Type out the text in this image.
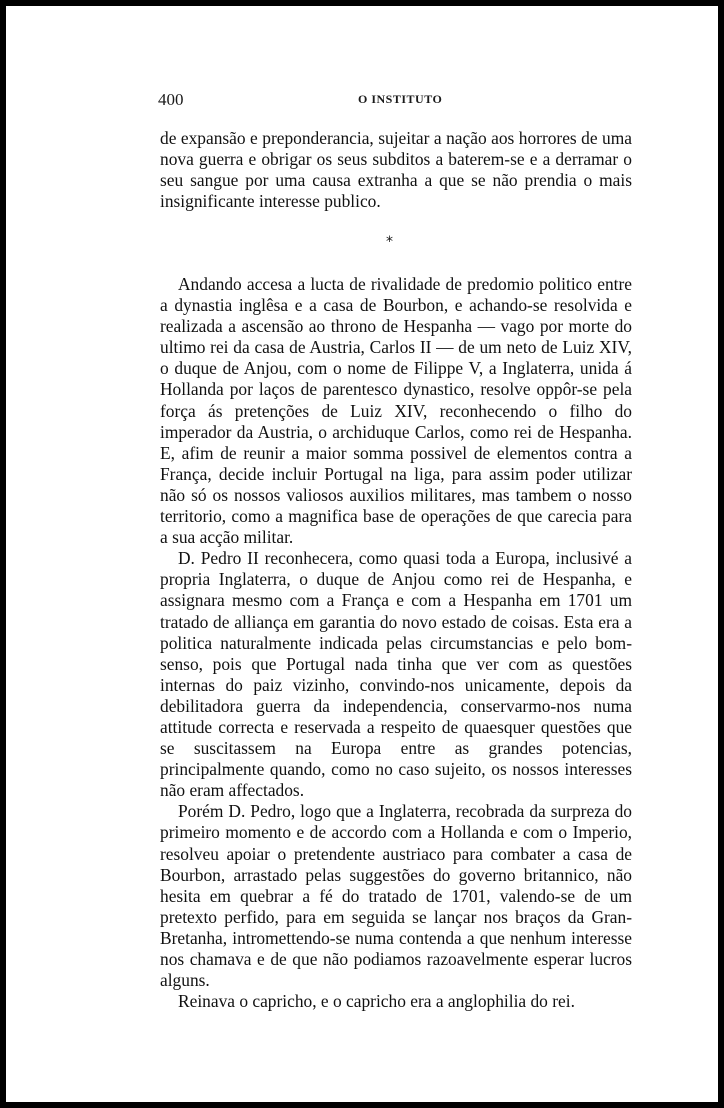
400	O INSTITUTO

de expansão e preponderancia, sujeitar a nação aos horrores de uma nova guerra e obrigar os seus subditos a baterem-se e a derramar o seu sangue por uma causa extranha a que se não prendia o mais insignificante interesse publico.

*

Andando accesa a lucta de rivalidade de predomio politico entre a dynastia inglêsa e a casa de Bourbon, e achando-se resolvida e realizada a ascensão ao throno de Hespanha — vago por morte do ultimo rei da casa de Austria, Carlos II — de um neto de Luiz XIV, o duque de Anjou, com o nome de Filippe V, a Inglaterra, unida á Hollanda por laços de parentesco dynastico, resolve oppôr-se pela força ás pretenções de Luiz XIV, reconhecendo o filho do imperador da Austria, o archiduque Carlos, como rei de Hespanha. E, afim de reunir a maior somma possivel de elementos contra a França, decide incluir Portugal na liga, para assim poder utilizar não só os nossos valiosos auxilios militares, mas tambem o nosso territorio, como a magnifica base de operações de que carecia para a sua acção militar.

D. Pedro II reconhecera, como quasi toda a Europa, inclusivé a propria Inglaterra, o duque de Anjou como rei de Hespanha, e assignara mesmo com a França e com a Hespanha em 1701 um tratado de alliança em garantia do novo estado de coisas. Esta era a politica naturalmente indicada pelas circumstancias e pelo bom-senso, pois que Portugal nada tinha que ver com as questões internas do paiz vizinho, convindo-nos unicamente, depois da debilitadora guerra da independencia, conservarmo-nos numa attitude correcta e reservada a respeito de quaesquer questões que se suscitassem na Europa entre as grandes potencias, principalmente quando, como no caso sujeito, os nossos interesses não eram affectados.

Porém D. Pedro, logo que a Inglaterra, recobrada da surpreza do primeiro momento e de accordo com a Hollanda e com o Imperio, resolveu apoiar o pretendente austriaco para combater a casa de Bourbon, arrastado pelas suggestões do governo britannico, não hesita em quebrar a fé do tratado de 1701, valendo-se de um pretexto perfido, para em seguida se lançar nos braços da Gran-Bretanha, intromettendo-se numa contenda a que nenhum interesse nos chamava e de que não podiamos razoavelmente esperar lucros alguns.

Reinava o capricho, e o capricho era a anglophilia do rei.
